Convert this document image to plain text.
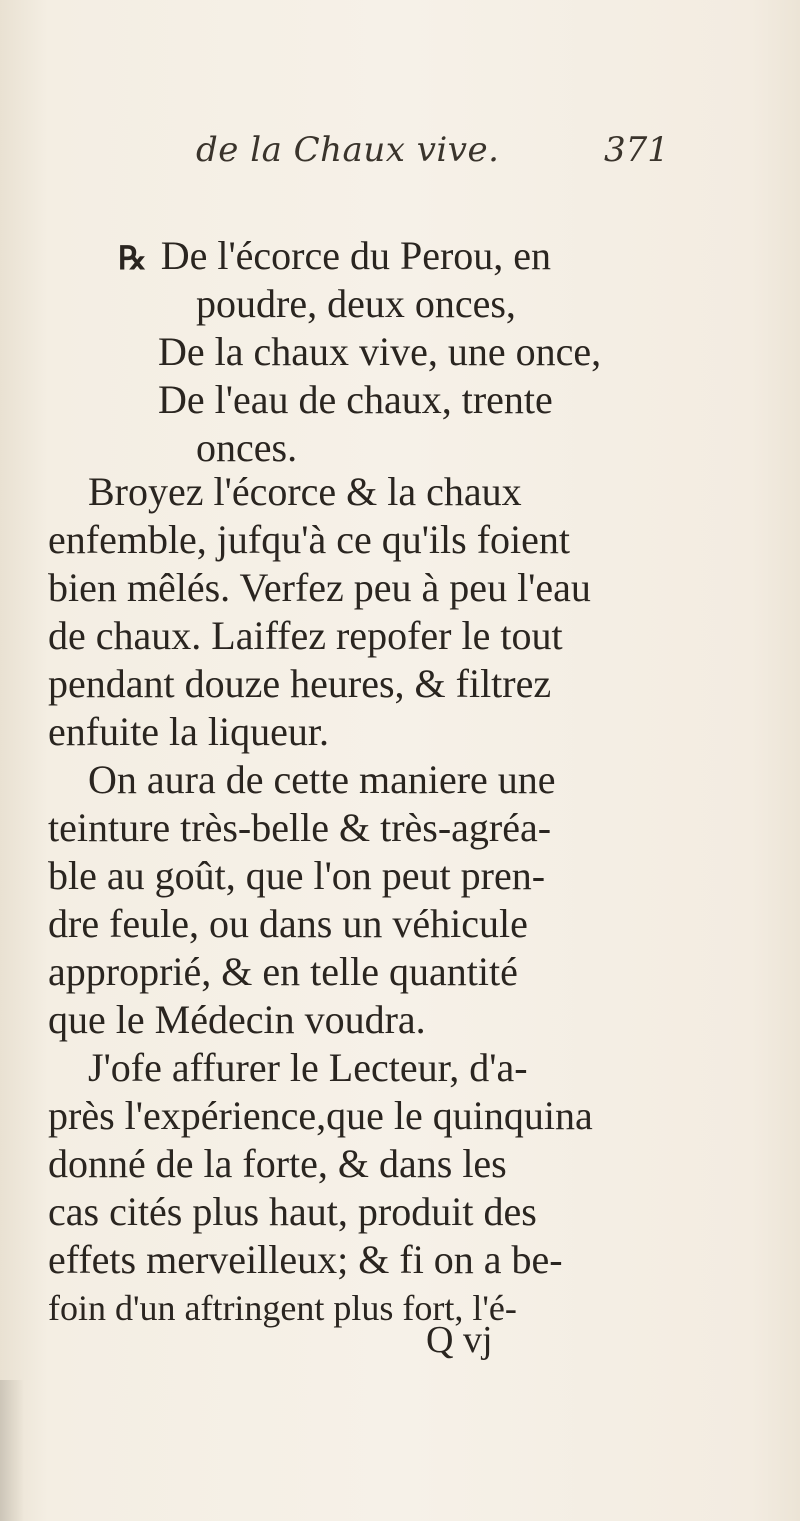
de la Chaux vive.	371
℞ De l'écorce du Perou, en
poudre, deux onces,
De la chaux vive, une once,
De l'eau de chaux, trente
onces.
Broyez l'écorce & la chaux
enfemble, jufqu'à ce qu'ils foient
bien mêlés. Verfez peu à peu l'eau
de chaux. Laiffez repofer le tout
pendant douze heures, & filtrez
enfuite la liqueur.
On aura de cette maniere une
teinture très-belle & très-agréa-
ble au goût, que l'on peut pren-
dre feule, ou dans un véhicule
approprié, & en telle quantité
que le Médecin voudra.
J'ofe affurer le Lecteur, d'a-
près l'expérience,que le quinquina
donné de la forte, & dans les
cas cités plus haut, produit des
effets merveilleux; & fi on a be-
foin d'un aftringent plus fort, l'é-
Q vj
